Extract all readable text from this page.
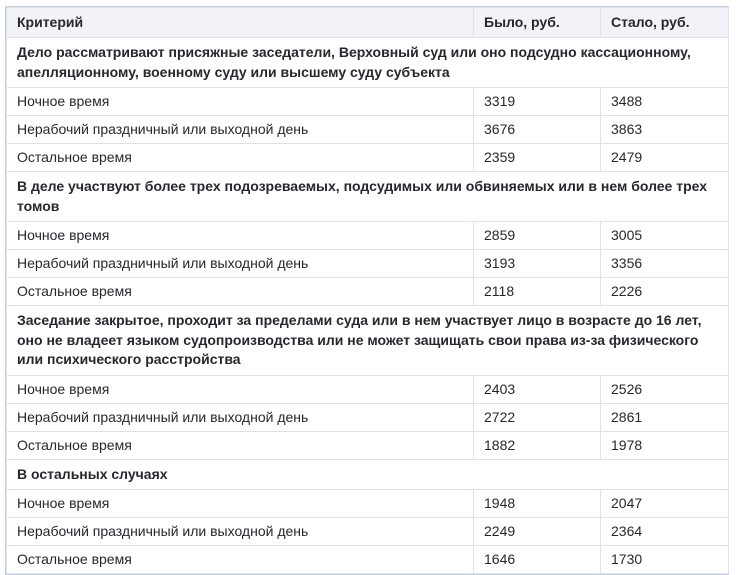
Критерий	Было, руб.	Стало, руб.
Дело рассматривают присяжные заседатели, Верховный суд или оно подсудно кассационному, апелляционному, военному суду или высшему суду субъекта		
Ночное время	3319	3488
Нерабочий праздничный или выходной день	3676	3863
Остальное время	2359	2479
В деле участвуют более трех подозреваемых, подсудимых или обвиняемых или в нем более трех томов		
Ночное время	2859	3005
Нерабочий праздничный или выходной день	3193	3356
Остальное время	2118	2226
Заседание закрытое, проходит за пределами суда или в нем участвует лицо в возрасте до 16 лет, оно не владеет языком судопроизводства или не может защищать свои права из-за физического или психического расстройства		
Ночное время	2403	2526
Нерабочий праздничный или выходной день	2722	2861
Остальное время	1882	1978
В остальных случаях		
Ночное время	1948	2047
Нерабочий праздничный или выходной день	2249	2364
Остальное время	1646	1730
